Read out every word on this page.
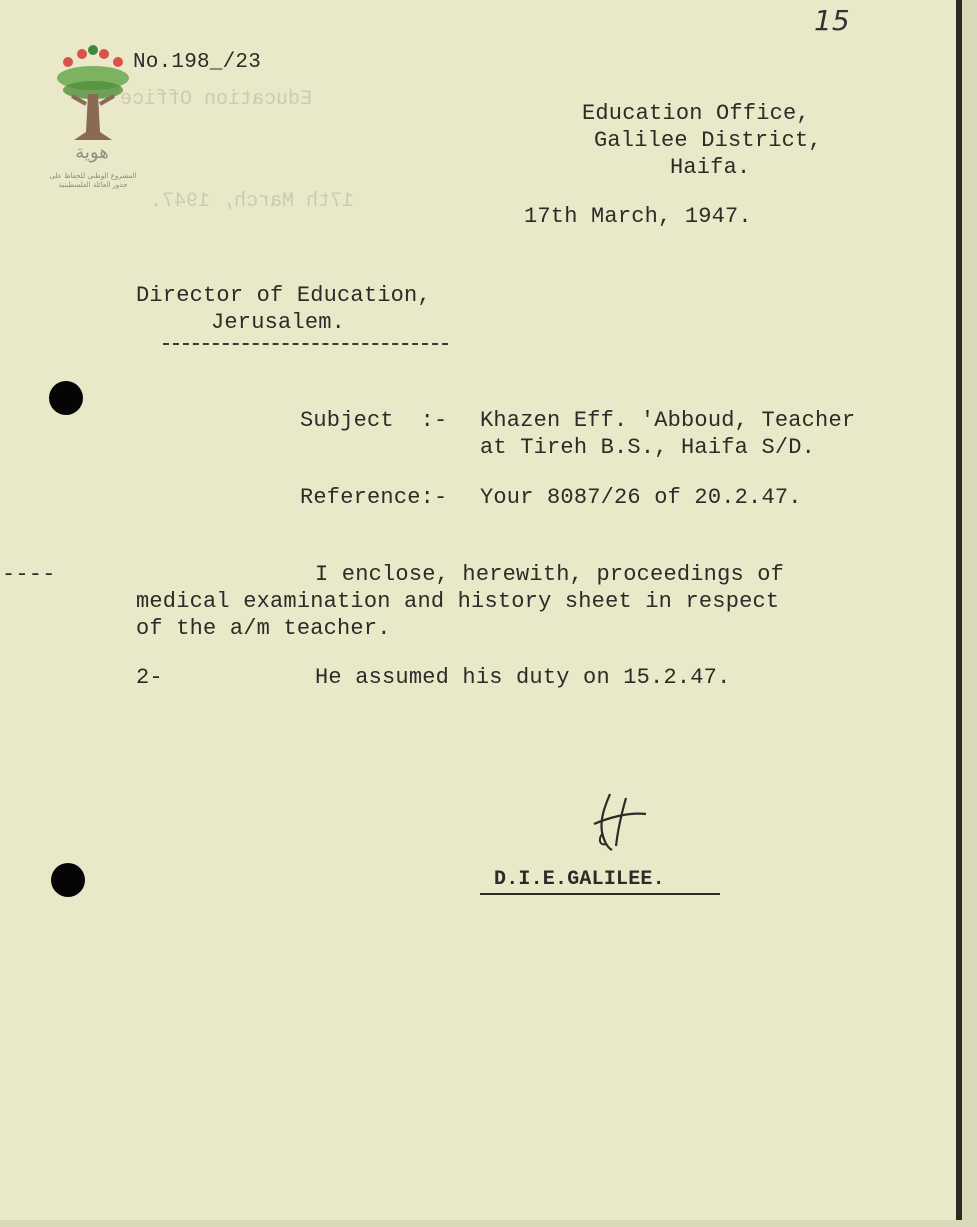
Education Office
17th March, 1947.
هوية
المشروع الوطني للحفاظ على جذور العائلة الفلسطينية
15
No.198_/23
Education Office,
Galilee District,
Haifa.
17th March, 1947.
Director of Education,
Jerusalem.
Subject  :- Khazen Eff. 'Abboud, Teacher
at Tireh B.S., Haifa S/D.
Reference:- Your 8087/26 of 20.2.47.
----	I enclose, herewith, proceedings of
medical examination and history sheet in respect
of the a/m teacher.
2-	He assumed his duty on 15.2.47.
D.I.E.GALILEE.
